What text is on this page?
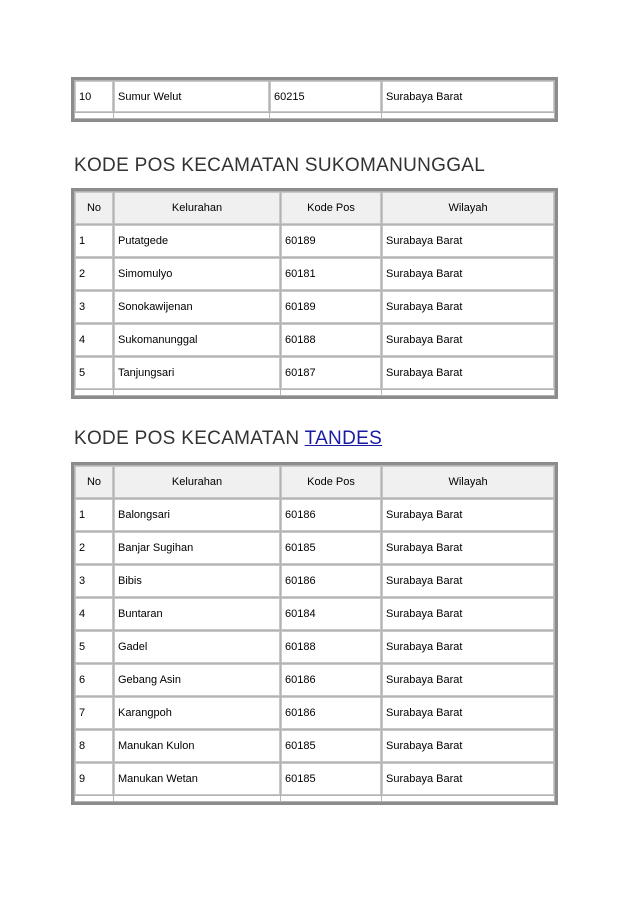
10	Sumur Welut	60215	Surabaya Barat

KODE POS KECAMATAN SUKOMANUNGGAL
No	Kelurahan	Kode Pos	Wilayah
1	Putatgede	60189	Surabaya Barat
2	Simomulyo	60181	Surabaya Barat
3	Sonokawijenan	60189	Surabaya Barat
4	Sukomanunggal	60188	Surabaya Barat
5	Tanjungsari	60187	Surabaya Barat

KODE POS KECAMATAN TANDES
No	Kelurahan	Kode Pos	Wilayah
1	Balongsari	60186	Surabaya Barat
2	Banjar Sugihan	60185	Surabaya Barat
3	Bibis	60186	Surabaya Barat
4	Buntaran	60184	Surabaya Barat
5	Gadel	60188	Surabaya Barat
6	Gebang Asin	60186	Surabaya Barat
7	Karangpoh	60186	Surabaya Barat
8	Manukan Kulon	60185	Surabaya Barat
9	Manukan Wetan	60185	Surabaya Barat
